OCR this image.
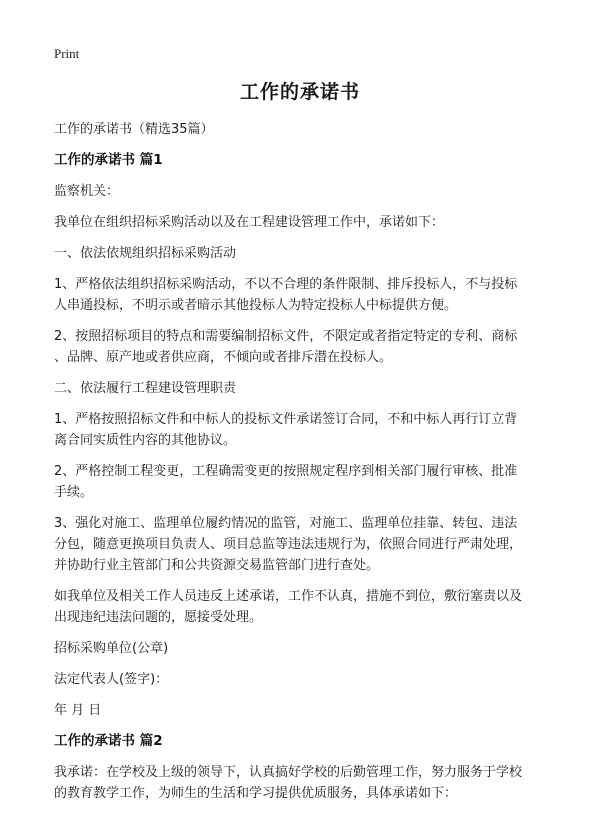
Print
工作的承诺书
工作的承诺书（精选35篇）
工作的承诺书 篇1
监察机关：
我单位在组织招标采购活动以及在工程建设管理工作中，承诺如下：
一、依法依规组织招标采购活动
1、严格依法组织招标采购活动，不以不合理的条件限制、排斥投标人，不与投标
人串通投标，不明示或者暗示其他投标人为特定投标人中标提供方便。
2、按照招标项目的特点和需要编制招标文件，不限定或者指定特定的专利、商标
、品牌、原产地或者供应商，不倾向或者排斥潜在投标人。
二、依法履行工程建设管理职责
1、严格按照招标文件和中标人的投标文件承诺签订合同，不和中标人再行订立背
离合同实质性内容的其他协议。
2、严格控制工程变更，工程确需变更的按照规定程序到相关部门履行审核、批准
手续。
3、强化对施工、监理单位履约情况的监管，对施工、监理单位挂靠、转包、违法
分包，随意更换项目负责人、项目总监等违法违规行为，依照合同进行严肃处理，
并协助行业主管部门和公共资源交易监管部门进行查处。
如我单位及相关工作人员违反上述承诺，工作不认真，措施不到位，敷衍塞责以及
出现违纪违法问题的，愿接受处理。
招标采购单位(公章)
法定代表人(签字)：
年 月 日
工作的承诺书 篇2
我承诺：在学校及上级的领导下，认真搞好学校的后勤管理工作，努力服务于学校
的教育教学工作，为师生的生活和学习提供优质服务，具体承诺如下：
